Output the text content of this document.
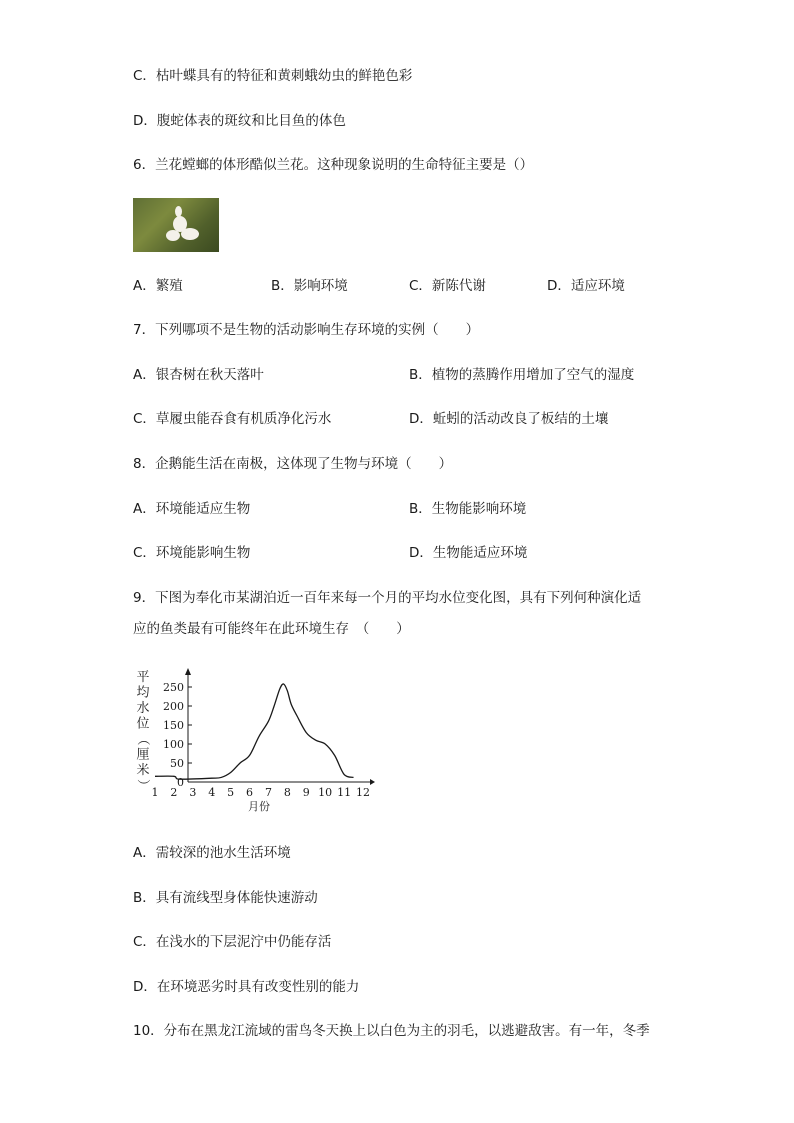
C．枯叶蝶具有的特征和黄刺蛾幼虫的鲜艳色彩
D．腹蛇体表的斑纹和比目鱼的体色
6．兰花螳螂的体形酷似兰花。这种现象说明的生命特征主要是（）
A．繁殖	B．影响环境	C．新陈代谢	D．适应环境
7．下列哪项不是生物的活动影响生存环境的实例（　　）
A．银杏树在秋天落叶	B．植物的蒸腾作用增加了空气的湿度
C．草履虫能吞食有机质净化污水	D．蚯蚓的活动改良了板结的土壤
8．企鹅能生活在南极，这体现了生物与环境（　　）
A．环境能适应生物	B．生物能影响环境
C．环境能影响生物	D．生物能适应环境
9．下图为奉化市某湖泊近一百年来每一个月的平均水位变化图，具有下列何种演化适
应的鱼类最有可能终年在此环境生存　（　　）
0
50
100
150
200
250
1 2 3 4 5 6 7 8 9 10 11 12
月份
平
均
水
位
（
厘
米
）
A．需较深的池水生活环境
B．具有流线型身体能快速游动
C．在浅水的下层泥泞中仍能存活
D．在环境恶劣时具有改变性别的能力
10．分布在黑龙江流域的雷鸟冬天换上以白色为主的羽毛，以逃避敌害。有一年，冬季
